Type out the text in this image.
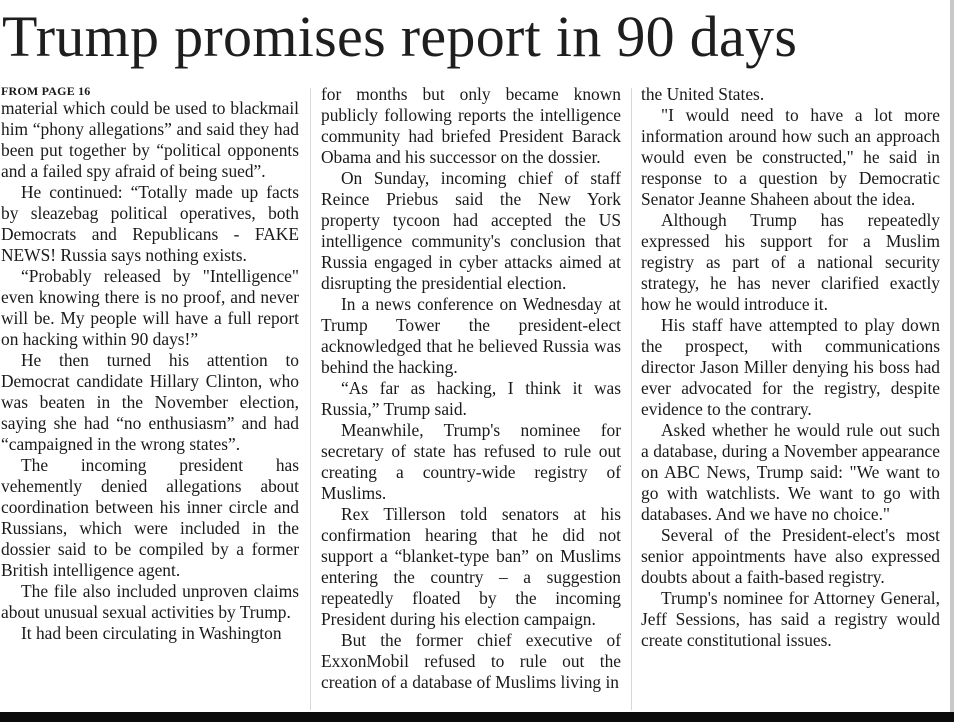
Trump promises report in 90 days
FROM PAGE 16

material which could be used to blackmail him “phony allegations” and said they had been put together by “political opponents and a failed spy afraid of being sued”.

He continued: “Totally made up facts by sleazebag political operatives, both Democrats and Republicans - FAKE NEWS! Russia says nothing exists.

“Probably released by "Intelligence" even knowing there is no proof, and never will be. My people will have a full report on hacking within 90 days!”

He then turned his attention to Democrat candidate Hillary Clinton, who was beaten in the November election, saying she had “no enthusiasm” and had “campaigned in the wrong states”.

The incoming president has vehemently denied allegations about coordination between his inner circle and Russians, which were included in the dossier said to be compiled by a former British intelligence agent.

The file also included unproven claims about unusual sexual activities by Trump.

It had been circulating in Washington

for months but only became known publicly following reports the intelligence community had briefed President Barack Obama and his successor on the dossier.

On Sunday, incoming chief of staff Reince Priebus said the New York property tycoon had accepted the US intelligence community's conclusion that Russia engaged in cyber attacks aimed at disrupting the presidential election.

In a news conference on Wednesday at Trump Tower the president-elect acknowledged that he believed Russia was behind the hacking.

“As far as hacking, I think it was Russia,” Trump said.

Meanwhile, Trump's nominee for secretary of state has refused to rule out creating a country-wide registry of Muslims.

Rex Tillerson told senators at his confirmation hearing that he did not support a “blanket-type ban” on Muslims entering the country – a suggestion repeatedly floated by the incoming President during his election campaign.

But the former chief executive of ExxonMobil refused to rule out the creation of a database of Muslims living in

the United States.

"I would need to have a lot more information around how such an approach would even be constructed," he said in response to a question by Democratic Senator Jeanne Shaheen about the idea.

Although Trump has repeatedly expressed his support for a Muslim registry as part of a national security strategy, he has never clarified exactly how he would introduce it.

His staff have attempted to play down the prospect, with communications director Jason Miller denying his boss had ever advocated for the registry, despite evidence to the contrary.

Asked whether he would rule out such a database, during a November appearance on ABC News, Trump said: "We want to go with watchlists. We want to go with databases. And we have no choice."

Several of the President-elect's most senior appointments have also expressed doubts about a faith-based registry.

Trump's nominee for Attorney General, Jeff Sessions, has said a registry would create constitutional issues.
